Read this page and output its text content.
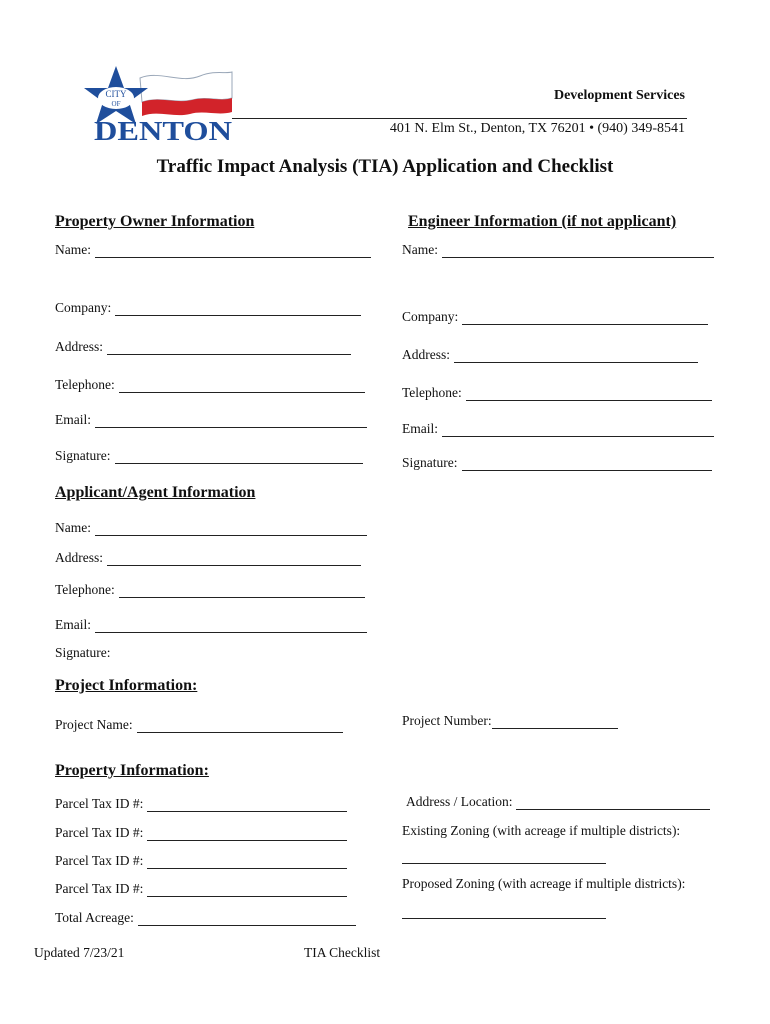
CITY
OF
DENTON
Development Services
401 N. Elm St., Denton, TX 76201 • (940) 349-8541
Traffic Impact Analysis (TIA) Application and Checklist
Property Owner Information
Name:
Company:
Address:
Telephone:
Email:
Signature:
Engineer Information (if not applicant)
Name:
Company:
Address:
Telephone:
Email:
Signature:
Applicant/Agent Information
Name:
Address:
Telephone:
Email:
Signature:
Project Information:
Project Name:	Project Number:
Property Information:
Parcel Tax ID #:
Parcel Tax ID #:
Parcel Tax ID #:
Parcel Tax ID #:
Total Acreage:
Address / Location:
Existing Zoning (with acreage if multiple districts):
Proposed Zoning (with acreage if multiple districts):
Updated 7/23/21	TIA Checklist
